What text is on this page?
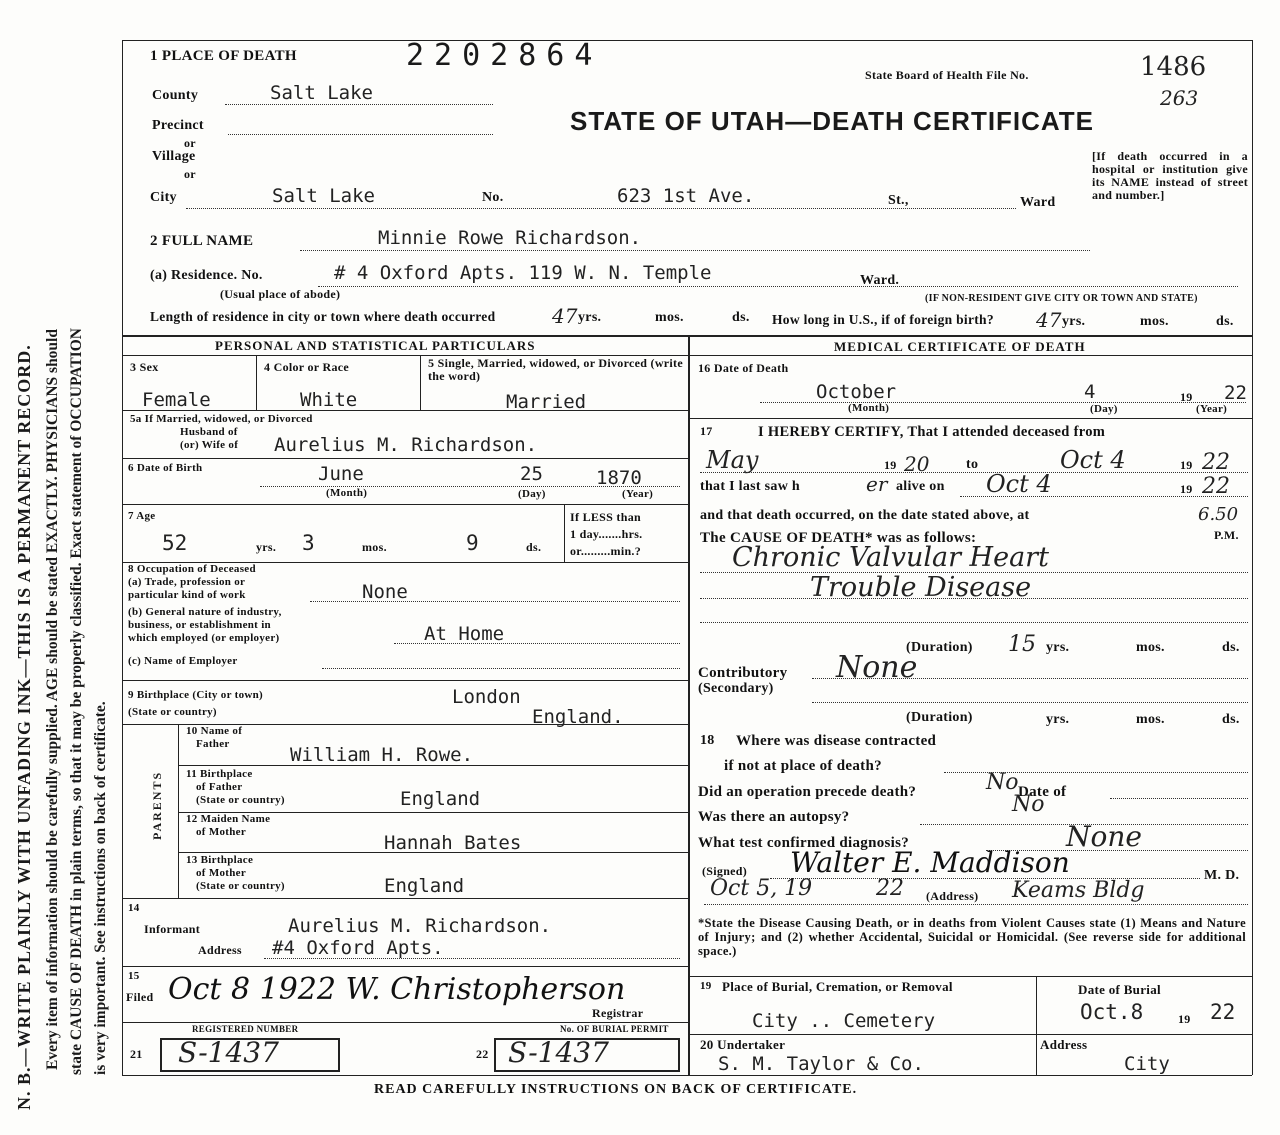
N. B.—WRITE PLAINLY WITH UNFADING INK—THIS IS A PERMANENT RECORD. Every item of information should be carefully supplied. AGE should be stated EXACTLY. PHYSICIANS should state CAUSE OF DEATH in plain terms, so that it may be properly classified. Exact statement of OCCUPATION is very important. See instructions on back of certificate.
1 PLACE OF DEATH	2202864
State Board of Health File No.	1486
263
STATE OF UTAH—DEATH CERTIFICATE
[If death occurred in a hospital or institution give its NAME instead of street and number.]
County	Salt Lake
Precinct
or
Village
or
City	Salt Lake	No.	623 1st Ave.	St.,	Ward
2 FULL NAME	Minnie Rowe Richardson.
(a) Residence. No.	# 4 Oxford Apts. 119 W. N. Temple	Ward.
(Usual place of abode)	(IF NON-RESIDENT GIVE CITY OR TOWN AND STATE)
Length of residence in city or town where death occurred	47 yrs.	mos.	ds. How long in U.S., if of foreign birth? 47 yrs.	mos.	ds.
PERSONAL AND STATISTICAL PARTICULARS
3 Sex	4 Color or Race	5 Single, Married, widowed, or Divorced (write the word)
Female	White	Married
5a If Married, widowed, or Divorced
Husband of
(or) Wife of Aurelius M. Richardson.
6 Date of Birth	June	25	1870
(Month)	(Day)	(Year)
7 Age
52	yrs. 3	mos.	9	ds.
If LESS than
1 day.......hrs.
or.........min.?
8 Occupation of Deceased
(a) Trade, profession or
particular kind of work	None
(b) General nature of industry,
business, or establishment in
which employed (or employer)	At Home
(c) Name of Employer
9 Birthplace (City or town)	London
(State or country)	England.
PARENTS
10 Name of
Father	William H. Rowe.
11 Birthplace
of Father
(State or country)	England
12 Maiden Name
of Mother	Hannah Bates
13 Birthplace
of Mother
(State or country)	England
14
Informant	Aurelius M. Richardson.
Address #4 Oxford Apts.
15
Filed Oct 8 1922 W. Christopherson
Registrar
REGISTERED NUMBER	No. OF BURIAL PERMIT
21 S-1437	22 S-1437
MEDICAL CERTIFICATE OF DEATH
16 Date of Death
October	4	19 22
(Month)	(Day)	(Year)
17	I HEREBY CERTIFY, That I attended deceased from
May	19 20	to	Oct 4	19 22
that I last saw h	er alive on Oct 4	19 22
and that death occurred, on the date stated above, at	6.50
P.M.
The CAUSE OF DEATH* was as follows:
Chronic Valvular Heart
Trouble Disease
(Duration) 15 yrs.	mos.	ds.
Contributory
(Secondary)
None
(Duration)	yrs.	mos.	ds.
18 Where was disease contracted
if not at place of death?
Did an operation precede death?	No Date of
Was there an autopsy?	No
What test confirmed diagnosis?	None
(Signed) Walter E. Maddison	M. D.
Oct 5, 19	22 (Address) Keams Bldg
*State the Disease Causing Death, or in deaths from Violent Causes state (1) Means and Nature of Injury; and (2) whether Accidental, Suicidal or Homicidal. (See reverse side for additional space.)
19 Place of Burial, Cremation, or Removal
City .. Cemetery
Date of Burial
Oct.8	19 22
20 Undertaker
S. M. Taylor & Co.
Address
City
READ CAREFULLY INSTRUCTIONS ON BACK OF CERTIFICATE.
